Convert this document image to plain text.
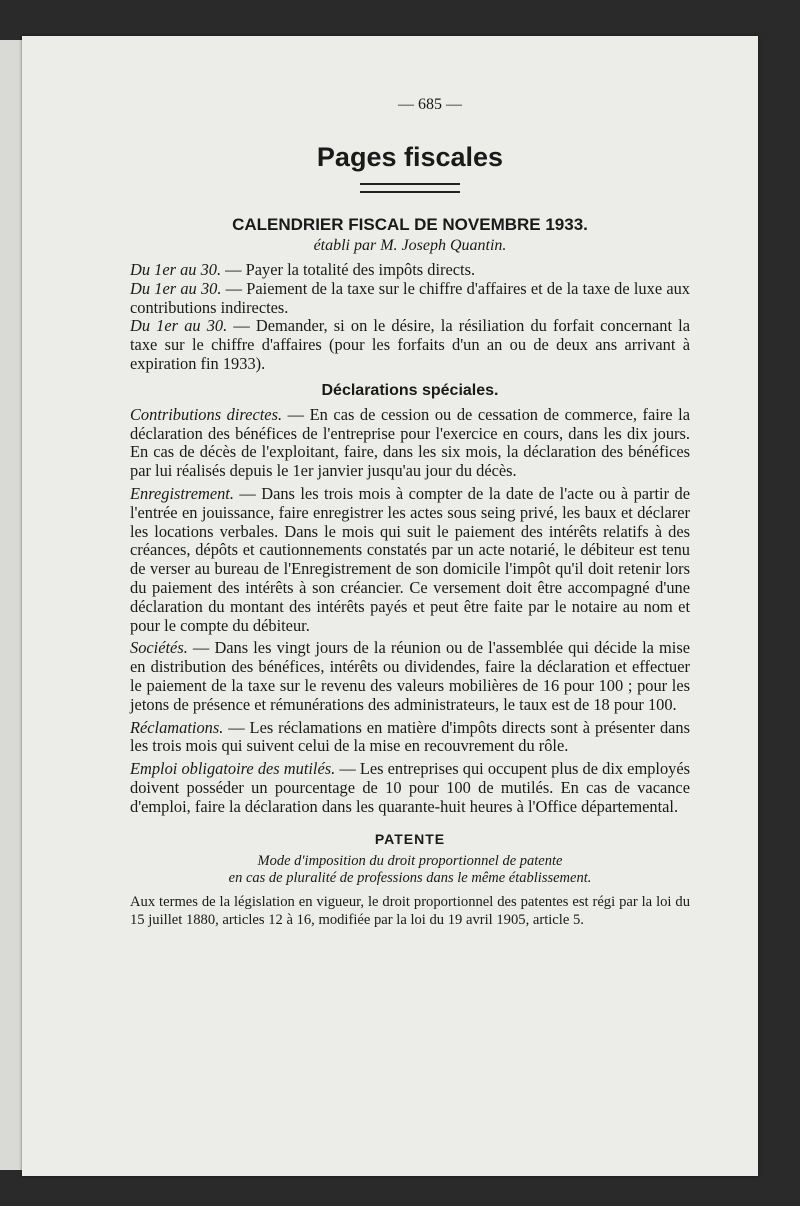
— 685 —
Pages fiscales
CALENDRIER FISCAL DE NOVEMBRE 1933.
établi par M. Joseph Quantin.

Du 1er au 30. — Payer la totalité des impôts directs.

Du 1er au 30. — Paiement de la taxe sur le chiffre d'affaires et de la taxe de luxe aux contributions indirectes.

Du 1er au 30. — Demander, si on le désire, la résiliation du forfait concernant la taxe sur le chiffre d'affaires (pour les forfaits d'un an ou de deux ans arrivant à expiration fin 1933).

Déclarations spéciales.

Contributions directes. — En cas de cession ou de cessation de commerce, faire la déclaration des bénéfices de l'entreprise pour l'exercice en cours, dans les dix jours. En cas de décès de l'exploitant, faire, dans les six mois, la déclaration des bénéfices par lui réalisés depuis le 1er janvier jusqu'au jour du décès.

Enregistrement. — Dans les trois mois à compter de la date de l'acte ou à partir de l'entrée en jouissance, faire enregistrer les actes sous seing privé, les baux et déclarer les locations verbales. Dans le mois qui suit le paiement des intérêts relatifs à des créances, dépôts et cautionnements constatés par un acte notarié, le débiteur est tenu de verser au bureau de l'Enregistrement de son domicile l'impôt qu'il doit retenir lors du paiement des intérêts à son créancier. Ce versement doit être accompagné d'une déclaration du montant des intérêts payés et peut être faite par le notaire au nom et pour le compte du débiteur.

Sociétés. — Dans les vingt jours de la réunion ou de l'assemblée qui décide la mise en distribution des bénéfices, intérêts ou dividendes, faire la déclaration et effectuer le paiement de la taxe sur le revenu des valeurs mobilières de 16 pour 100 ; pour les jetons de présence et rémunérations des administrateurs, le taux est de 18 pour 100.

Réclamations. — Les réclamations en matière d'impôts directs sont à présenter dans les trois mois qui suivent celui de la mise en recouvrement du rôle.

Emploi obligatoire des mutilés. — Les entreprises qui occupent plus de dix employés doivent posséder un pourcentage de 10 pour 100 de mutilés. En cas de vacance d'emploi, faire la déclaration dans les quarante-huit heures à l'Office départemental.

PATENTE

Mode d'imposition du droit proportionnel de patente

en cas de pluralité de professions dans le même établissement.

Aux termes de la législation en vigueur, le droit proportionnel des patentes est régi par la loi du 15 juillet 1880, articles 12 à 16, modifiée par la loi du 19 avril 1905, article 5.
